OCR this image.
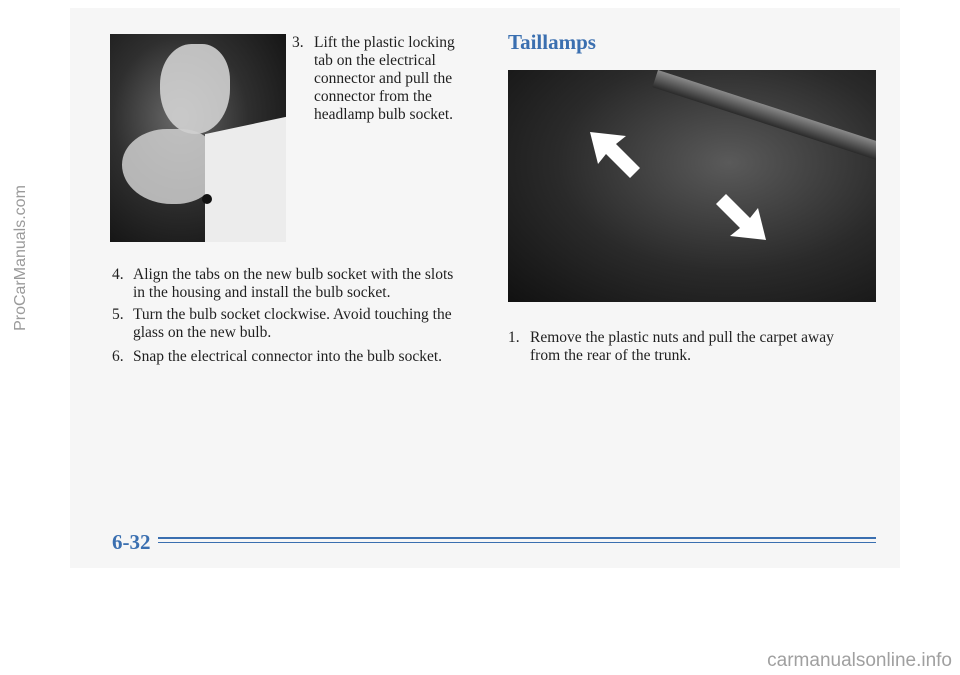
3. Lift the plastic locking
tab on the electrical
connector and pull the
connector from the
headlamp bulb socket.
4. Align the tabs on the new bulb socket with the slots
in the housing and install the bulb socket.
5. Turn the bulb socket clockwise. Avoid touching the
glass on the new bulb.
6. Snap the electrical connector into the bulb socket.
Taillamps
1. Remove the plastic nuts and pull the carpet away
from the rear of the trunk.
6-32
ProCarManuals.com
carmanualsonline.info
